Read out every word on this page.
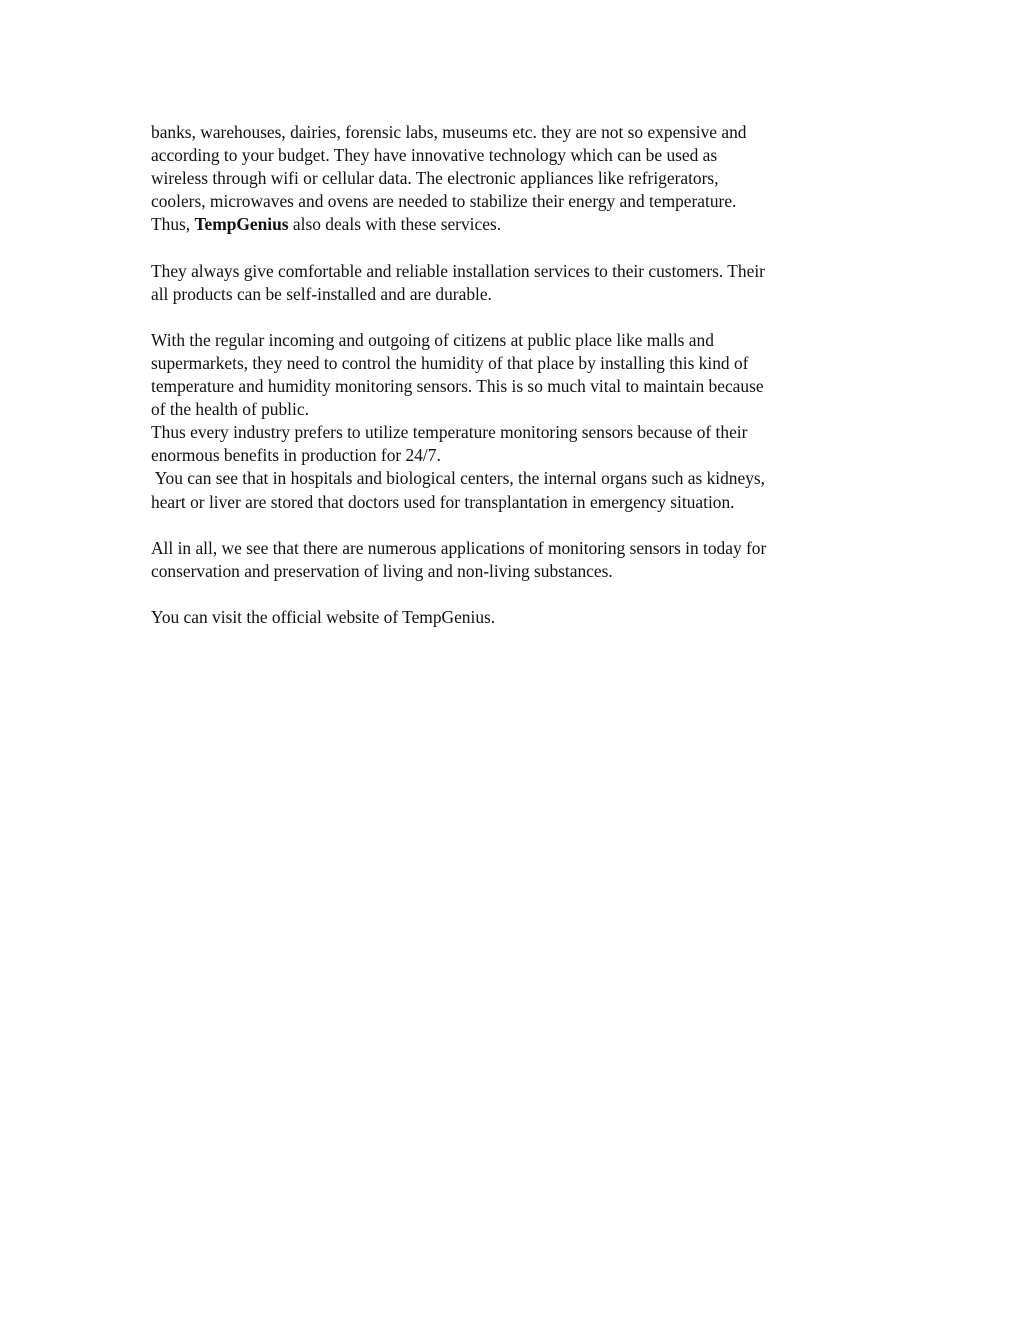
banks, warehouses, dairies, forensic labs, museums etc. they are not so expensive and
according to your budget. They have innovative technology which can be used as
wireless through wifi or cellular data. The electronic appliances like refrigerators,
coolers, microwaves and ovens are needed to stabilize their energy and temperature.
Thus, TempGenius also deals with these services.

They always give comfortable and reliable installation services to their customers. Their
all products can be self-installed and are durable.

With the regular incoming and outgoing of citizens at public place like malls and
supermarkets, they need to control the humidity of that place by installing this kind of
temperature and humidity monitoring sensors. This is so much vital to maintain because
of the health of public.

Thus every industry prefers to utilize temperature monitoring sensors because of their
enormous benefits in production for 24/7.

You can see that in hospitals and biological centers, the internal organs such as kidneys,
heart or liver are stored that doctors used for transplantation in emergency situation.

All in all, we see that there are numerous applications of monitoring sensors in today for
conservation and preservation of living and non-living substances.

You can visit the official website of TempGenius.
